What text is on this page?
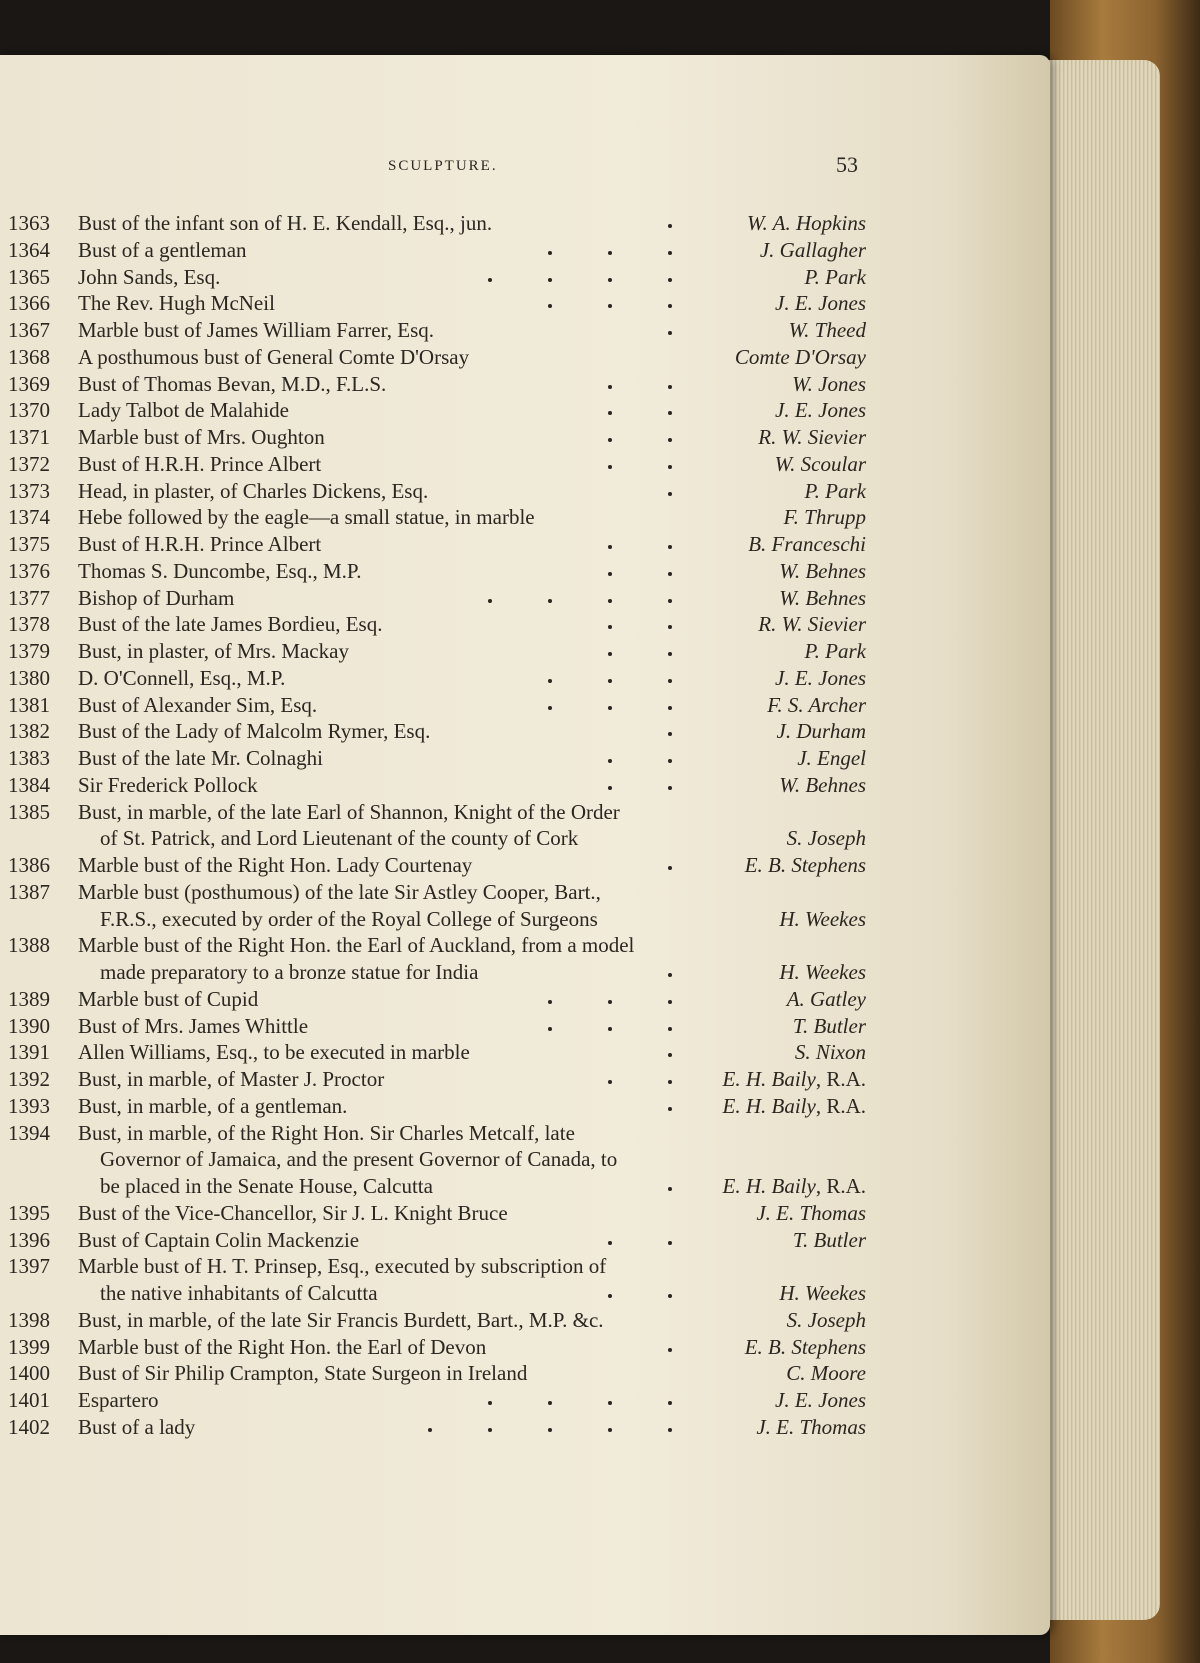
SCULPTURE.	53
1363	Bust of the infant son of H. E. Kendall, Esq., jun.	W. A. Hopkins
1364	Bust of a gentleman	J. Gallagher
1365	John Sands, Esq.	P. Park
1366	The Rev. Hugh McNeil	J. E. Jones
1367	Marble bust of James William Farrer, Esq.	W. Theed
1368	A posthumous bust of General Comte D'Orsay	Comte D'Orsay
1369	Bust of Thomas Bevan, M.D., F.L.S.	W. Jones
1370	Lady Talbot de Malahide	J. E. Jones
1371	Marble bust of Mrs. Oughton	R. W. Sievier
1372	Bust of H.R.H. Prince Albert	W. Scoular
1373	Head, in plaster, of Charles Dickens, Esq.	P. Park
1374	Hebe followed by the eagle—a small statue, in marble	F. Thrupp
1375	Bust of H.R.H. Prince Albert	B. Franceschi
1376	Thomas S. Duncombe, Esq., M.P.	W. Behnes
1377	Bishop of Durham	W. Behnes
1378	Bust of the late James Bordieu, Esq.	R. W. Sievier
1379	Bust, in plaster, of Mrs. Mackay	P. Park
1380	D. O'Connell, Esq., M.P.	J. E. Jones
1381	Bust of Alexander Sim, Esq.	F. S. Archer
1382	Bust of the Lady of Malcolm Rymer, Esq.	J. Durham
1383	Bust of the late Mr. Colnaghi	J. Engel
1384	Sir Frederick Pollock	W. Behnes
1385	Bust, in marble, of the late Earl of Shannon, Knight of the Order
of St. Patrick, and Lord Lieutenant of the county of Cork	S. Joseph
1386	Marble bust of the Right Hon. Lady Courtenay	E. B. Stephens
1387	Marble bust (posthumous) of the late Sir Astley Cooper, Bart.,
F.R.S., executed by order of the Royal College of Surgeons	H. Weekes
1388	Marble bust of the Right Hon. the Earl of Auckland, from a model
made preparatory to a bronze statue for India	H. Weekes
1389	Marble bust of Cupid	A. Gatley
1390	Bust of Mrs. James Whittle	T. Butler
1391	Allen Williams, Esq., to be executed in marble	S. Nixon
1392	Bust, in marble, of Master J. Proctor	E. H. Baily, R.A.
1393	Bust, in marble, of a gentleman.	E. H. Baily, R.A.
1394	Bust, in marble, of the Right Hon. Sir Charles Metcalf, late
Governor of Jamaica, and the present Governor of Canada, to
be placed in the Senate House, Calcutta	E. H. Baily, R.A.
1395	Bust of the Vice-Chancellor, Sir J. L. Knight Bruce	J. E. Thomas
1396	Bust of Captain Colin Mackenzie	T. Butler
1397	Marble bust of H. T. Prinsep, Esq., executed by subscription of
the native inhabitants of Calcutta	H. Weekes
1398	Bust, in marble, of the late Sir Francis Burdett, Bart., M.P. &c.	S. Joseph
1399	Marble bust of the Right Hon. the Earl of Devon	E. B. Stephens
1400	Bust of Sir Philip Crampton, State Surgeon in Ireland	C. Moore
1401	Espartero	J. E. Jones
1402	Bust of a lady	J. E. Thomas
